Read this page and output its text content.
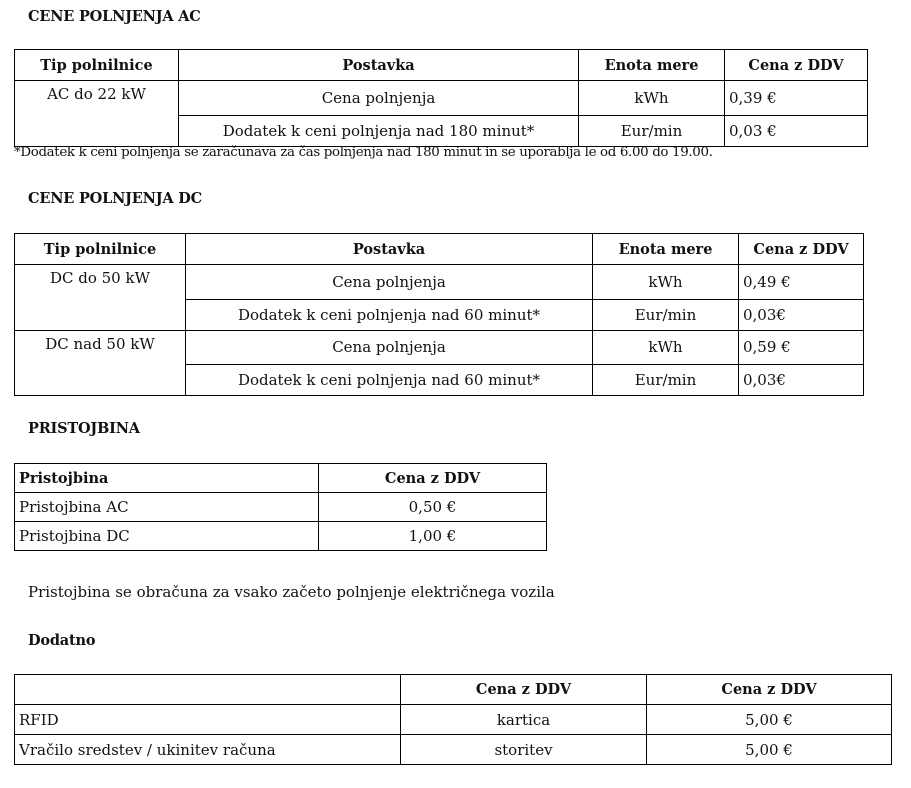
CENE POLNJENJA AC
Tip polnilnice	Postavka	Enota mere	Cena z DDV
AC do 22 kW	Cena polnjenja	kWh	0,39 €
	Dodatek k ceni polnjenja nad 180 minut*	Eur/min	0,03 €

*Dodatek k ceni polnjenja se zaračunava za čas polnjenja nad 180 minut in se uporablja le od 6.00 do 19.00.

CENE POLNJENJA DC
Tip polnilnice	Postavka	Enota mere	Cena z DDV
DC do 50 kW	Cena polnjenja	kWh	0,49 €
	Dodatek k ceni polnjenja nad 60 minut*	Eur/min	0,03€
DC nad 50 kW	Cena polnjenja	kWh	0,59 €
	Dodatek k ceni polnjenja nad 60 minut*	Eur/min	0,03€
PRISTOJBINA
Pristojbina	Cena z DDV
Pristojbina AC	0,50 €
Pristojbina DC	1,00 €

Pristojbina se obračuna za vsako začeto polnjenje električnega vozila

Dodatno
	Cena z DDV	Cena z DDV
RFID	kartica	5,00 €
Vračilo sredstev / ukinitev računa	storitev	5,00 €
